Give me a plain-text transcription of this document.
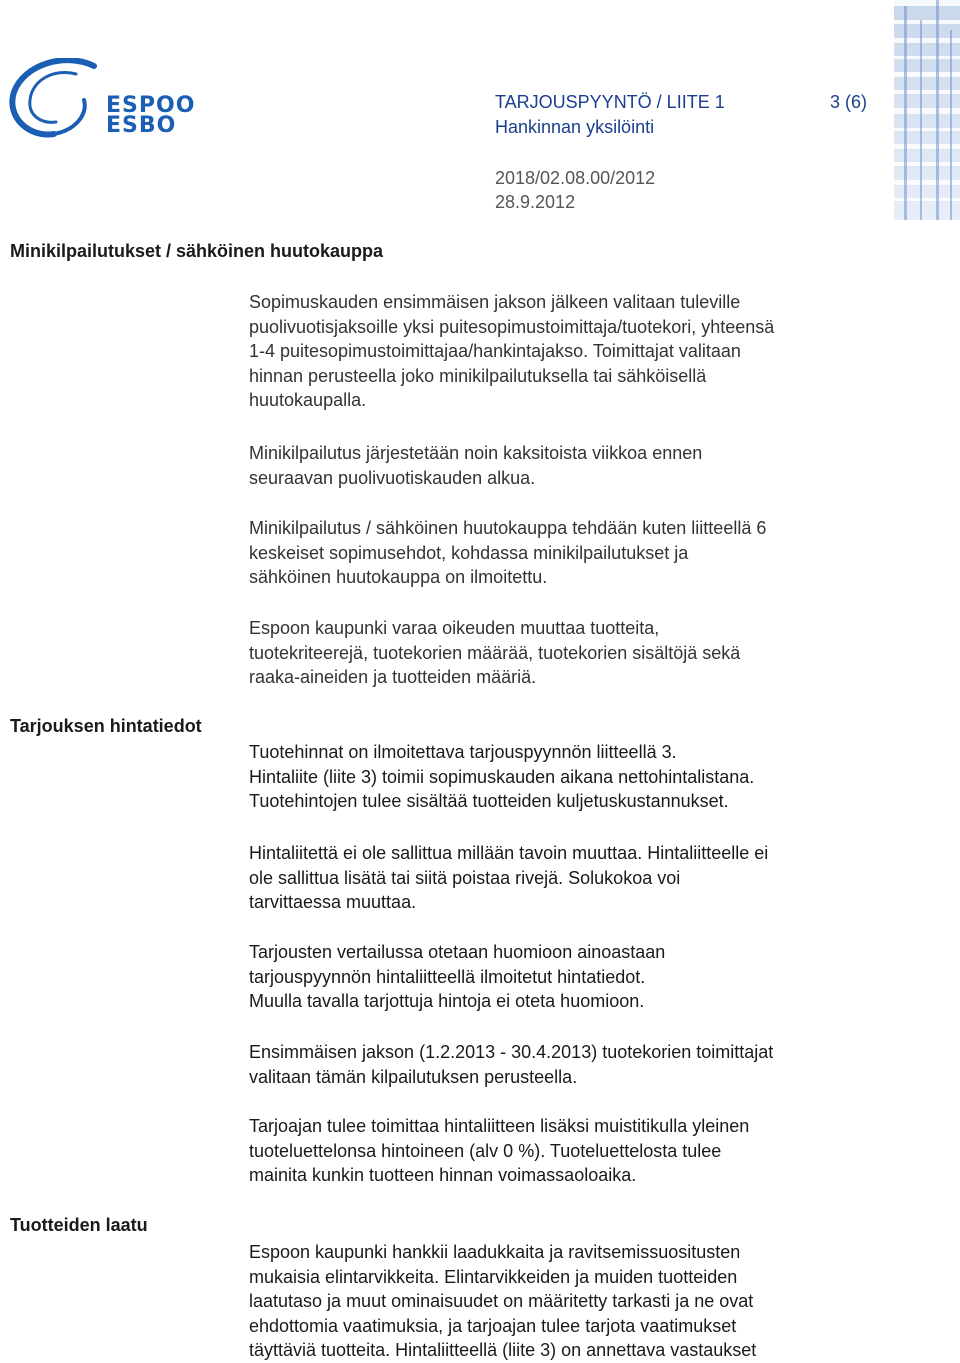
ESPOO
ESBO
TARJOUSPYYNTÖ / LIITE 1	3 (6)
Hankinnan yksilöinti
2018/02.08.00/2012
28.9.2012
Minikilpailutukset / sähköinen huutokauppa
Tarjouksen hintatiedot
Tuotteiden laatu
Sopimuskauden ensimmäisen jakson jälkeen valitaan tuleville
puolivuotisjaksoille yksi puitesopimustoimittaja/tuotekori, yhteensä
1-4 puitesopimustoimittajaa/hankintajakso. Toimittajat valitaan
hinnan perusteella joko minikilpailutuksella tai sähköisellä
huutokaupalla.
Minikilpailutus järjestetään noin kaksitoista viikkoa ennen
seuraavan puolivuotiskauden alkua.
Minikilpailutus / sähköinen huutokauppa tehdään kuten liitteellä 6
keskeiset sopimusehdot, kohdassa minikilpailutukset ja
sähköinen huutokauppa on ilmoitettu.
Espoon kaupunki varaa oikeuden muuttaa tuotteita,
tuotekriteerejä, tuotekorien määrää, tuotekorien sisältöjä sekä
raaka-aineiden ja tuotteiden määriä.
Tuotehinnat on ilmoitettava tarjouspyynnön liitteellä 3.
Hintaliite (liite 3) toimii sopimuskauden aikana nettohintalistana.
Tuotehintojen tulee sisältää tuotteiden kuljetuskustannukset.
Hintaliitettä ei ole sallittua millään tavoin muuttaa. Hintaliitteelle ei
ole sallittua lisätä tai siitä poistaa rivejä. Solukokoa voi
tarvittaessa muuttaa.
Tarjousten vertailussa otetaan huomioon ainoastaan
tarjouspyynnön hintaliitteellä ilmoitetut hintatiedot.
Muulla tavalla tarjottuja hintoja ei oteta huomioon.
Ensimmäisen jakson (1.2.2013 - 30.4.2013) tuotekorien toimittajat
valitaan tämän kilpailutuksen perusteella.
Tarjoajan tulee toimittaa hintaliitteen lisäksi muistitikulla yleinen
tuoteluettelonsa hintoineen (alv 0 %). Tuoteluettelosta tulee
mainita kunkin tuotteen hinnan voimassaoloaika.
Espoon kaupunki hankkii laadukkaita ja ravitsemissuositusten
mukaisia elintarvikkeita. Elintarvikkeiden ja muiden tuotteiden
laatutaso ja muut ominaisuudet on määritetty tarkasti ja ne ovat
ehdottomia vaatimuksia, ja tarjoajan tulee tarjota vaatimukset
täyttäviä tuotteita. Hintaliitteellä (liite 3) on annettava vastaukset
